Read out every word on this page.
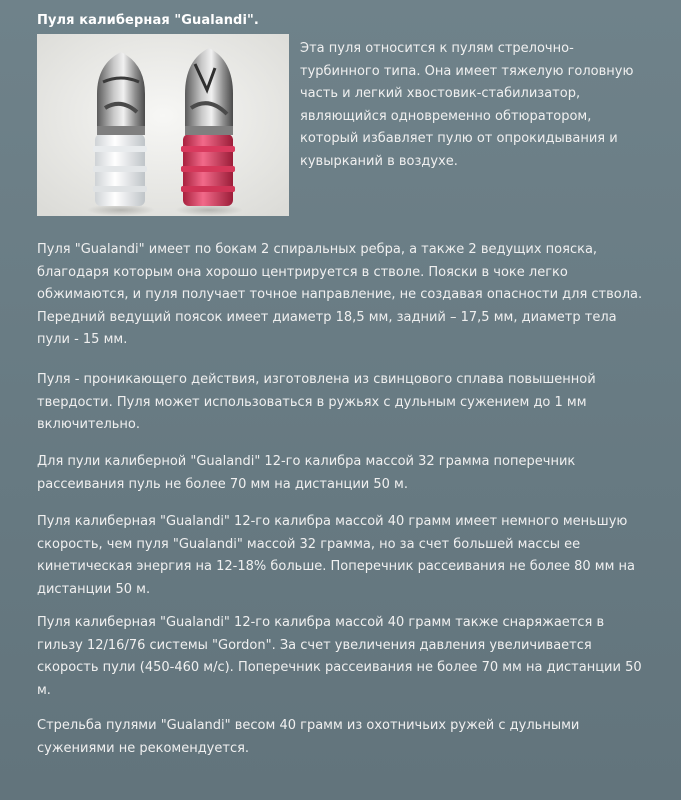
Пуля калиберная "Gualandi".
Эта пуля относится к пулям стрелочно-турбинного типа. Она имеет тяжелую головную часть и легкий хвостовик-стабилизатор, являющийся одновременно обтюратором, который избавляет пулю от опрокидывания и кувырканий в воздухе.
Пуля "Gualandi" имеет по бокам 2 спиральных ребра, а также 2 ведущих пояска, благодаря которым она хорошо центрируется в стволе. Пояски в чоке легко обжимаются, и пуля получает точное направление, не создавая опасности для ствола. Передний ведущий поясок имеет диаметр 18,5 мм, задний – 17,5 мм, диаметр тела пули - 15 мм.
Пуля - проникающего действия, изготовлена из свинцового сплава повышенной твердости. Пуля может использоваться в ружьях с дульным сужением до 1 мм включительно.
Для пули калиберной "Gualandi" 12-го калибра массой 32 грамма поперечник рассеивания пуль не более 70 мм на дистанции 50 м.
Пуля калиберная "Gualandi" 12-го калибра массой 40 грамм имеет немного меньшую скорость, чем пуля "Gualandi" массой 32 грамма, но за счет большей массы ее кинетическая энергия на 12-18% больше. Поперечник рассеивания не более 80 мм на дистанции 50 м.
Пуля калиберная "Gualandi" 12-го калибра массой 40 грамм также снаряжается в гильзу 12/16/76 системы "Gordon". За счет увеличения давления увеличивается скорость пули (450-460 м/с). Поперечник рассеивания не более 70 мм на дистанции 50 м.
Стрельба пулями "Gualandi" весом 40 грамм из охотничьих ружей с дульными сужениями не рекомендуется.
